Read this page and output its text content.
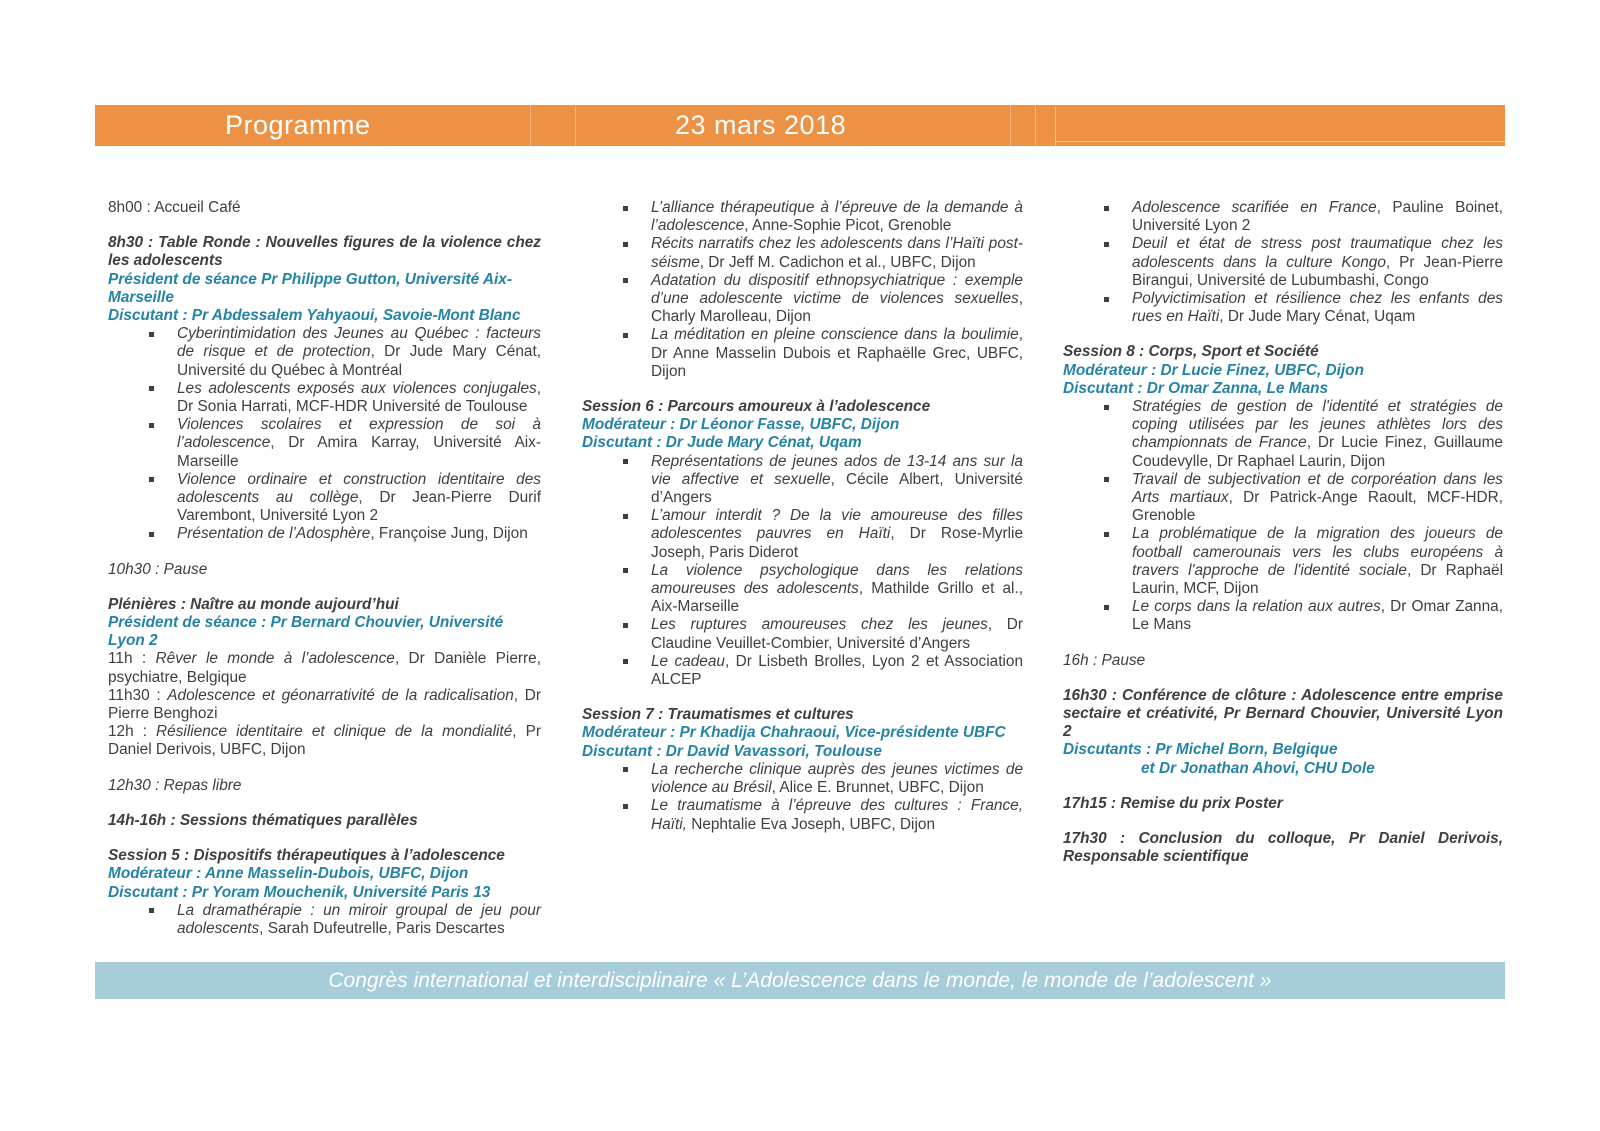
Programme	23 mars 2018

8h00 : Accueil Café

8h30 : Table Ronde : Nouvelles figures de la violence chez les adolescents

Président de séance Pr Philippe Gutton, Université Aix-Marseille

Discutant : Pr Abdessalem Yahyaoui, Savoie-Mont Blanc

Cyberintimidation des Jeunes au Québec : facteurs de risque et de protection, Dr Jude Mary Cénat, Université du Québec à Montréal
Les adolescents exposés aux violences conjugales, Dr Sonia Harrati, MCF-HDR Université de Toulouse
Violences scolaires et expression de soi à l’adolescence, Dr Amira Karray, Université Aix-Marseille
Violence ordinaire et construction identitaire des adolescents au collège, Dr Jean-Pierre Durif Varembont, Université Lyon 2
Présentation de l’Adosphère, Françoise Jung, Dijon

10h30 : Pause

Plénières : Naître au monde aujourd’hui

Président de séance : Pr Bernard Chouvier, Université Lyon 2

11h : Rêver le monde à l’adolescence, Dr Danièle Pierre, psychiatre, Belgique

11h30 : Adolescence et géonarrativité de la radicalisation, Dr Pierre Benghozi

12h : Résilience identitaire et clinique de la mondialité, Pr Daniel Derivois, UBFC, Dijon

12h30 : Repas libre

14h-16h : Sessions thématiques parallèles

Session 5 : Dispositifs thérapeutiques à l’adolescence

Modérateur : Anne Masselin-Dubois, UBFC, Dijon

Discutant : Pr Yoram Mouchenik, Université Paris 13

La dramathérapie : un miroir groupal de jeu pour adolescents, Sarah Dufeutrelle, Paris Descartes
L’alliance thérapeutique à l’épreuve de la demande à l’adolescence, Anne-Sophie Picot, Grenoble
Récits narratifs chez les adolescents dans l’Haïti post-séisme, Dr Jeff M. Cadichon et al., UBFC, Dijon
Adatation du dispositif ethnopsychiatrique : exemple d’une adolescente victime de violences sexuelles, Charly Marolleau, Dijon
La méditation en pleine conscience dans la boulimie, Dr Anne Masselin Dubois et Raphaëlle Grec, UBFC, Dijon

Session 6 : Parcours amoureux à l’adolescence

Modérateur : Dr Léonor Fasse, UBFC, Dijon

Discutant : Dr Jude Mary Cénat, Uqam

Représentations de jeunes ados de 13-14 ans sur la vie affective et sexuelle, Cécile Albert, Université d’Angers
L’amour interdit ? De la vie amoureuse des filles adolescentes pauvres en Haïti, Dr Rose-Myrlie Joseph, Paris Diderot
La violence psychologique dans les relations amoureuses des adolescents, Mathilde Grillo et al., Aix-Marseille
Les ruptures amoureuses chez les jeunes, Dr Claudine Veuillet-Combier, Université d’Angers
Le cadeau, Dr Lisbeth Brolles, Lyon 2 et Association ALCEP

Session 7 : Traumatismes et cultures

Modérateur : Pr Khadija Chahraoui, Vice-présidente UBFC

Discutant : Dr David Vavassori, Toulouse

La recherche clinique auprès des jeunes victimes de violence au Brésil, Alice E. Brunnet, UBFC, Dijon
Le traumatisme à l’épreuve des cultures : France, Haïti, Nephtalie Eva Joseph, UBFC, Dijon
Adolescence scarifiée en France, Pauline Boinet, Université Lyon 2
Deuil et état de stress post traumatique chez les adolescents dans la culture Kongo, Pr Jean-Pierre Birangui, Université de Lubumbashi, Congo
Polyvictimisation et résilience chez les enfants des rues en Haïti, Dr Jude Mary Cénat, Uqam

Session 8 : Corps, Sport et Société

Modérateur : Dr Lucie Finez, UBFC, Dijon

Discutant : Dr Omar Zanna, Le Mans

Stratégies de gestion de l'identité et stratégies de coping utilisées par les jeunes athlètes lors des championnats de France, Dr Lucie Finez, Guillaume Coudevylle, Dr Raphael Laurin, Dijon
Travail de subjectivation et de corporéation dans les Arts martiaux, Dr Patrick-Ange Raoult, MCF-HDR, Grenoble
La problématique de la migration des joueurs de football camerounais vers les clubs européens à travers l'approche de l'identité sociale, Dr Raphaël Laurin, MCF, Dijon
Le corps dans la relation aux autres, Dr Omar Zanna, Le Mans

16h : Pause

16h30 : Conférence de clôture : Adolescence entre emprise sectaire et créativité, Pr Bernard Chouvier, Université Lyon 2

Discutants : Pr Michel Born, Belgique

et Dr Jonathan Ahovi, CHU Dole

17h15 : Remise du prix Poster

17h30 : Conclusion du colloque, Pr Daniel Derivois, Responsable scientifique

Congrès international et interdisciplinaire « L’Adolescence dans le monde, le monde de l’adolescent »
